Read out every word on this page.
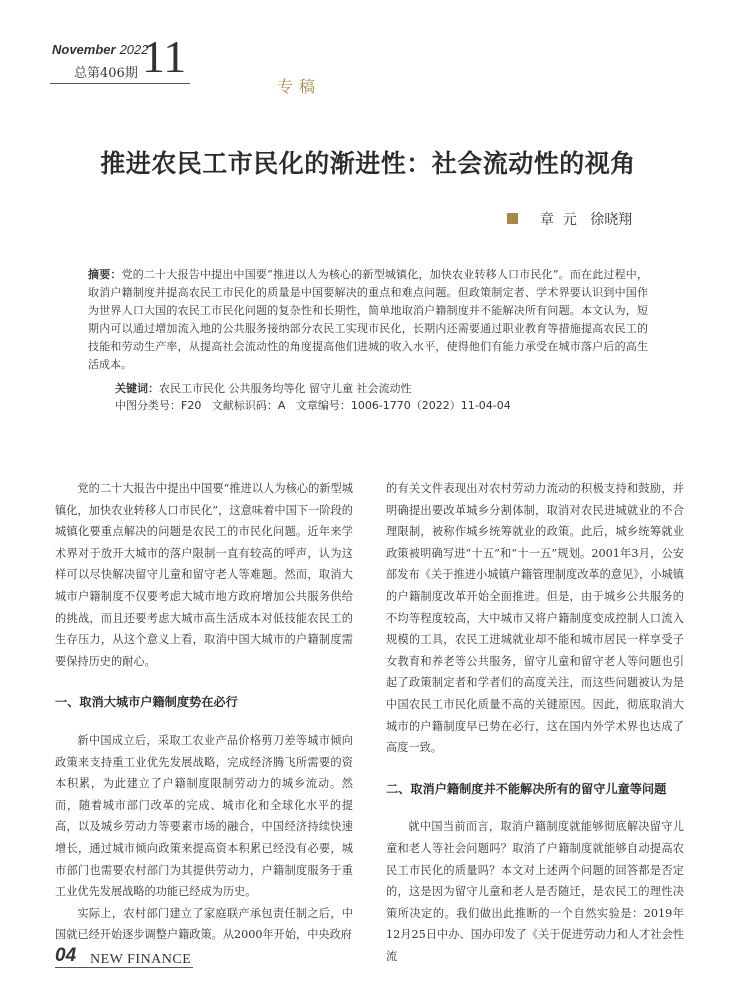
November 2022
总第406期 11
专稿
推进农民工市民化的渐进性：社会流动性的视角
章  元   徐晓翔
摘要：党的二十大报告中提出中国要“推进以人为核心的新型城镇化，加快农业转移人口市民化”。而在此过程中，取消户籍制度并提高农民工市民化的质量是中国要解决的重点和难点问题。但政策制定者、学术界要认识到中国作为世界人口大国的农民工市民化问题的复杂性和长期性，简单地取消户籍制度并不能解决所有问题。本文认为，短期内可以通过增加流入地的公共服务接纳部分农民工实现市民化，长期内还需要通过职业教育等措施提高农民工的技能和劳动生产率，从提高社会流动性的角度提高他们进城的收入水平，使得他们有能力承受在城市落户后的高生活成本。
关键词：农民工市民化 公共服务均等化 留守儿童 社会流动性
中图分类号：F20   文献标识码：A   文章编号：1006-1770（2022）11-04-04

党的二十大报告中提出中国要“推进以人为核心的新型城镇化，加快农业转移人口市民化”，这意味着中国下一阶段的城镇化要重点解决的问题是农民工的市民化问题。近年来学术界对于放开大城市的落户限制一直有较高的呼声，认为这样可以尽快解决留守儿童和留守老人等难题。然而，取消大城市户籍制度不仅要考虑大城市地方政府增加公共服务供给的挑战，而且还要考虑大城市高生活成本对低技能农民工的生存压力，从这个意义上看，取消中国大城市的户籍制度需要保持历史的耐心。

一、取消大城市户籍制度势在必行

新中国成立后，采取工农业产品价格剪刀差等城市倾向政策来支持重工业优先发展战略，完成经济腾飞所需要的资本积累，为此建立了户籍制度限制劳动力的城乡流动。然而，随着城市部门改革的完成、城市化和全球化水平的提高，以及城乡劳动力等要素市场的融合，中国经济持续快速增长，通过城市倾向政策来提高资本积累已经没有必要，城市部门也需要农村部门为其提供劳动力，户籍制度服务于重工业优先发展战略的功能已经成为历史。

实际上，农村部门建立了家庭联产承包责任制之后，中国就已经开始逐步调整户籍政策。从2000年开始，中央政府

的有关文件表现出对农村劳动力流动的积极支持和鼓励，并明确提出要改革城乡分割体制，取消对农民进城就业的不合理限制，被称作城乡统筹就业的政策。此后，城乡统筹就业政策被明确写进“十五”和“十一五”规划。2001年3月，公安部发布《关于推进小城镇户籍管理制度改革的意见》，小城镇的户籍制度改革开始全面推进。但是，由于城乡公共服务的不均等程度较高，大中城市又将户籍制度变成控制人口流入规模的工具，农民工进城就业却不能和城市居民一样享受子女教育和养老等公共服务，留守儿童和留守老人等问题也引起了政策制定者和学者们的高度关注，而这些问题被认为是中国农民工市民化质量不高的关键原因。因此，彻底取消大城市的户籍制度早已势在必行，这在国内外学术界也达成了高度一致。

二、取消户籍制度并不能解决所有的留守儿童等问题

就中国当前而言，取消户籍制度就能够彻底解决留守儿童和老人等社会问题吗？取消了户籍制度就能够自动提高农民工市民化的质量吗？本文对上述两个问题的回答都是否定的，这是因为留守儿童和老人是否随迁，是农民工的理性决策所决定的。我们做出此推断的一个自然实验是：2019年12月25日中办、国办印发了《关于促进劳动力和人才社会性流

04 NEW FINANCE
